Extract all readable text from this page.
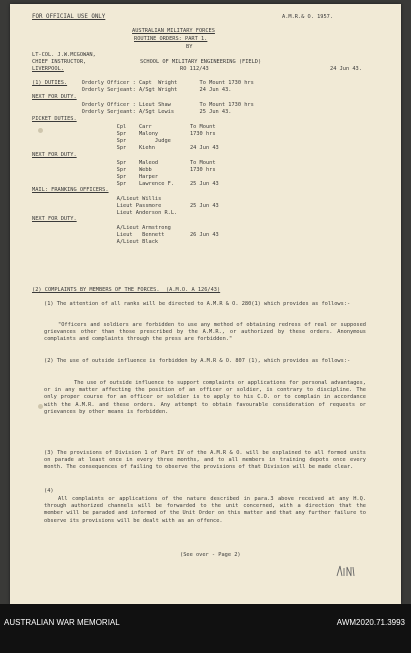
FOR OFFICIAL USE ONLY	A.M.R.& O. 1957.
AUSTRALIAN MILITARY FORCES
ROUTINE ORDERS: PART 1.
BY
LT-COL. J.W.MCGOWAN,
CHIEF INSTRUCTOR,
LIVERPOOL.
SCHOOL OF MILITARY ENGINEERING (FIELD)
RO 112/43	24 Jun 43.
(1) DUTIES. Orderly Officer : Capt  Wright       To Mount 1730 hrs
Orderly Serjeant: A/Sgt Wright       24 Jun 43.
NEXT FOR DUTY.
Orderly Officer : Lieut Shaw         To Mount 1730 hrs
Orderly Serjeant: A/Sgt Lewis        25 Jun 43.
PICKET DUTIES.
Cpl    Carr            To Mount
Spr    Malony          1730 hrs
Spr         Judge
Spr    Kiehn           24 Jun 43
NEXT FOR DUTY.
Spr    Maleod          To Mount
Spr    Webb            1730 hrs
Spr    Harper
Spr    Lawrence F.     25 Jun 43
MAIL: FRANKING OFFICERS.
A/Lieut Willis
Lieut Passmore         25 Jun 43
Lieut Anderson R.L.
NEXT FOR DUTY.
A/Lieut Armstrong
Lieut   Bennett        26 Jun 43
A/Lieut Black
(2) COMPLAINTS BY MEMBERS OF THE FORCES.  (A.M.O. A 126/43)
(1) The attention of all ranks will be directed to A.M.R & O. 280(1) which provides as follows:-
"Officers and soldiers are forbidden to use any method of obtaining redress of real or supposed grievances other than those prescribed by the A.M.R., or authorized by these orders. Anonymous complaints and complaints through the press are forbidden."
(2) The use of outside influence is forbidden by A.M.R & O. 807 (1), which provides as follows:-
The use of outside influence to support complaints or applications for personal advantages, or in any matter affecting the position of an officer or soldier, is contrary to discipline. The only proper course for an officer or soldier is to apply to his C.O. or to complain in accordance with the A.M.R. and these orders. Any attempt to obtain favourable consideration of requests or grievances by other means is forbidden.
(3) The provisions of Division 1 of Part IV of the A.M.R & O. will be explained to all formed units on parade at least once in every three months, and to all members in training depots once every month. The consequences of failing to observe the provisions of that Division will be made clear.
(4)
All complaints or applications of the nature described in para.3 above received at any H.Q. through authorized channels will be forwarded to the unit concerned, with a direction that the member will be paraded and informed of the Unit Order on this matter and that any further failure to observe its provisions will be dealt with as an offence.
(See over - Page 2)
AUSTRALIAN WAR MEMORIAL	AWM2020.71.3993
